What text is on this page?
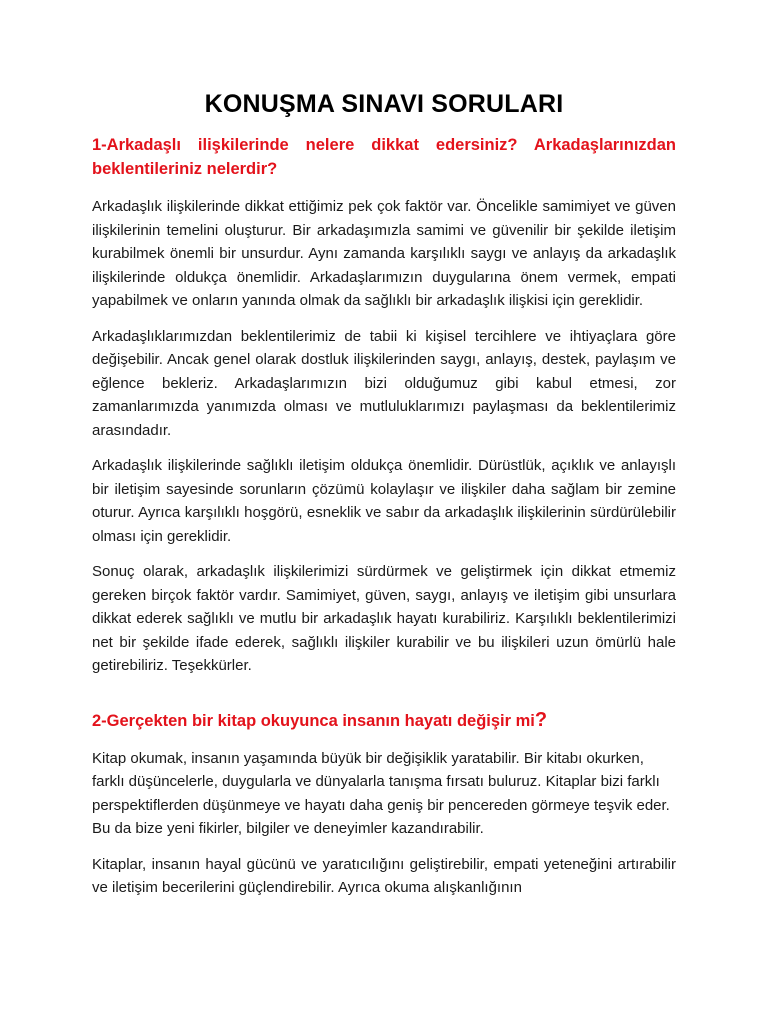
KONUŞMA SINAVI SORULARI
1-Arkadaşlı ilişkilerinde nelere dikkat edersiniz? Arkadaşlarınızdan beklentileriniz nelerdir?

Arkadaşlık ilişkilerinde dikkat ettiğimiz pek çok faktör var. Öncelikle samimiyet ve güven ilişkilerinin temelini oluşturur. Bir arkadaşımızla samimi ve güvenilir bir şekilde iletişim kurabilmek önemli bir unsurdur. Aynı zamanda karşılıklı saygı ve anlayış da arkadaşlık ilişkilerinde oldukça önemlidir. Arkadaşlarımızın duygularına önem vermek, empati yapabilmek ve onların yanında olmak da sağlıklı bir arkadaşlık ilişkisi için gereklidir.

Arkadaşlıklarımızdan beklentilerimiz de tabii ki kişisel tercihlere ve ihtiyaçlara göre değişebilir. Ancak genel olarak dostluk ilişkilerinden saygı, anlayış, destek, paylaşım ve eğlence bekleriz. Arkadaşlarımızın bizi olduğumuz gibi kabul etmesi, zor zamanlarımızda yanımızda olması ve mutluluklarımızı paylaşması da beklentilerimiz arasındadır.

Arkadaşlık ilişkilerinde sağlıklı iletişim oldukça önemlidir. Dürüstlük, açıklık ve anlayışlı bir iletişim sayesinde sorunların çözümü kolaylaşır ve ilişkiler daha sağlam bir zemine oturur. Ayrıca karşılıklı hoşgörü, esneklik ve sabır da arkadaşlık ilişkilerinin sürdürülebilir olması için gereklidir.

Sonuç olarak, arkadaşlık ilişkilerimizi sürdürmek ve geliştirmek için dikkat etmemiz gereken birçok faktör vardır. Samimiyet, güven, saygı, anlayış ve iletişim gibi unsurlara dikkat ederek sağlıklı ve mutlu bir arkadaşlık hayatı kurabiliriz. Karşılıklı beklentilerimizi net bir şekilde ifade ederek, sağlıklı ilişkiler kurabilir ve bu ilişkileri uzun ömürlü hale getirebiliriz. Teşekkürler.

2-Gerçekten bir kitap okuyunca insanın hayatı değişir mi?

Kitap okumak, insanın yaşamında büyük bir değişiklik yaratabilir. Bir kitabı okurken, farklı düşüncelerle, duygularla ve dünyalarla tanışma fırsatı buluruz. Kitaplar bizi farklı perspektiflerden düşünmeye ve hayatı daha geniş bir pencereden görmeye teşvik eder. Bu da bize yeni fikirler, bilgiler ve deneyimler kazandırabilir.

Kitaplar, insanın hayal gücünü ve yaratıcılığını geliştirebilir, empati yeteneğini artırabilir ve iletişim becerilerini güçlendirebilir. Ayrıca okuma alışkanlığının
